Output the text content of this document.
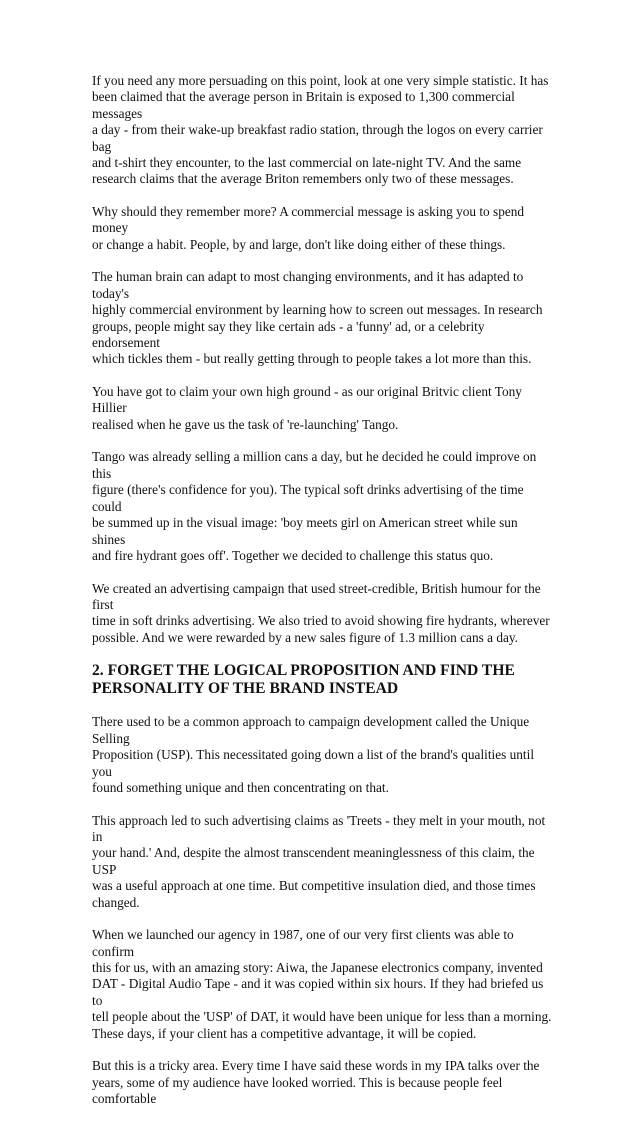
If you need any more persuading on this point, look at one very simple statistic. It has
been claimed that the average person in Britain is exposed to 1,300 commercial messages
a day - from their wake-up breakfast radio station, through the logos on every carrier bag
and t-shirt they encounter, to the last commercial on late-night TV. And the same
research claims that the average Briton remembers only two of these messages.

Why should they remember more? A commercial message is asking you to spend money
or change a habit. People, by and large, don't like doing either of these things.

The human brain can adapt to most changing environments, and it has adapted to today's
highly commercial environment by learning how to screen out messages. In research
groups, people might say they like certain ads - a 'funny' ad, or a celebrity endorsement
which tickles them - but really getting through to people takes a lot more than this.

You have got to claim your own high ground - as our original Britvic client Tony Hillier
realised when he gave us the task of 're-launching' Tango.

Tango was already selling a million cans a day, but he decided he could improve on this
figure (there's confidence for you). The typical soft drinks advertising of the time could
be summed up in the visual image: 'boy meets girl on American street while sun shines
and fire hydrant goes off'. Together we decided to challenge this status quo.

We created an advertising campaign that used street-credible, British humour for the first
time in soft drinks advertising. We also tried to avoid showing fire hydrants, wherever
possible. And we were rewarded by a new sales figure of 1.3 million cans a day.

2. FORGET THE LOGICAL PROPOSITION AND FIND THE
PERSONALITY OF THE BRAND INSTEAD

There used to be a common approach to campaign development called the Unique Selling
Proposition (USP). This necessitated going down a list of the brand's qualities until you
found something unique and then concentrating on that.

This approach led to such advertising claims as 'Treets - they melt in your mouth, not in
your hand.' And, despite the almost transcendent meaninglessness of this claim, the USP
was a useful approach at one time. But competitive insulation died, and those times
changed.

When we launched our agency in 1987, one of our very first clients was able to confirm
this for us, with an amazing story: Aiwa, the Japanese electronics company, invented
DAT - Digital Audio Tape - and it was copied within six hours. If they had briefed us to
tell people about the 'USP' of DAT, it would have been unique for less than a morning.
These days, if your client has a competitive advantage, it will be copied.

But this is a tricky area. Every time I have said these words in my IPA talks over the
years, some of my audience have looked worried. This is because people feel comfortable
